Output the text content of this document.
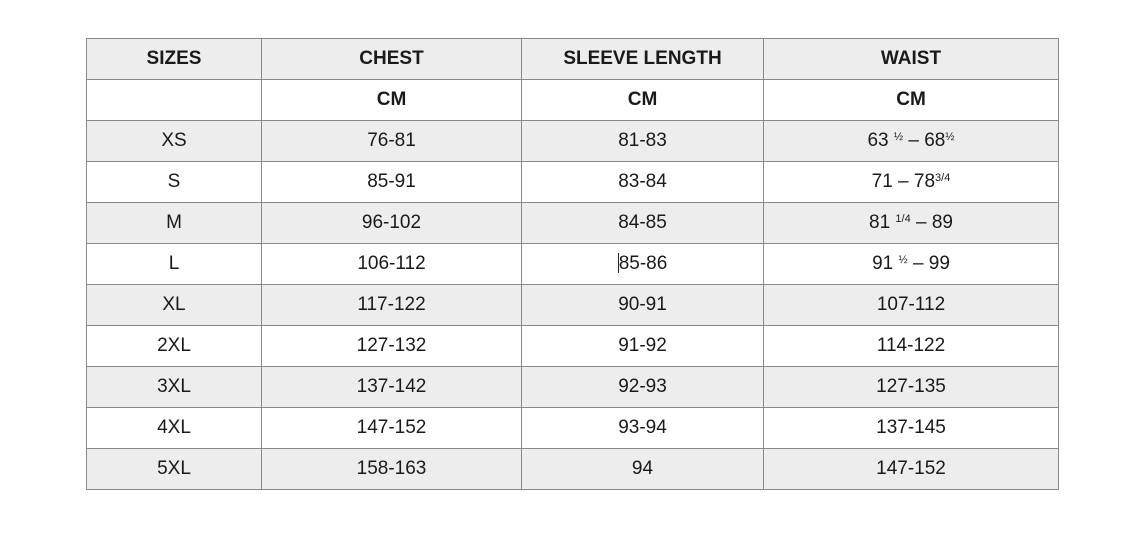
SIZES	CHEST	SLEEVE LENGTH	WAIST
	CM	CM	CM
XS	76-81	81-83	63 $^{\frac{1}{2}} - 68^{\frac{1}{2}}$
S	85-91	83-84	$71 - 78^{3/4}$
M	96-102	84-85	81 $^{1/4}$ – 89
L	106-112	85-86	91 $^{\frac{1}{2}}$ – 99
XL	117-122	90-91	107-112
2XL	127-132	91-92	114-122
3XL	137-142	92-93	127-135
4XL	147-152	93-94	137-145
5XL	158-163	94	147-152
